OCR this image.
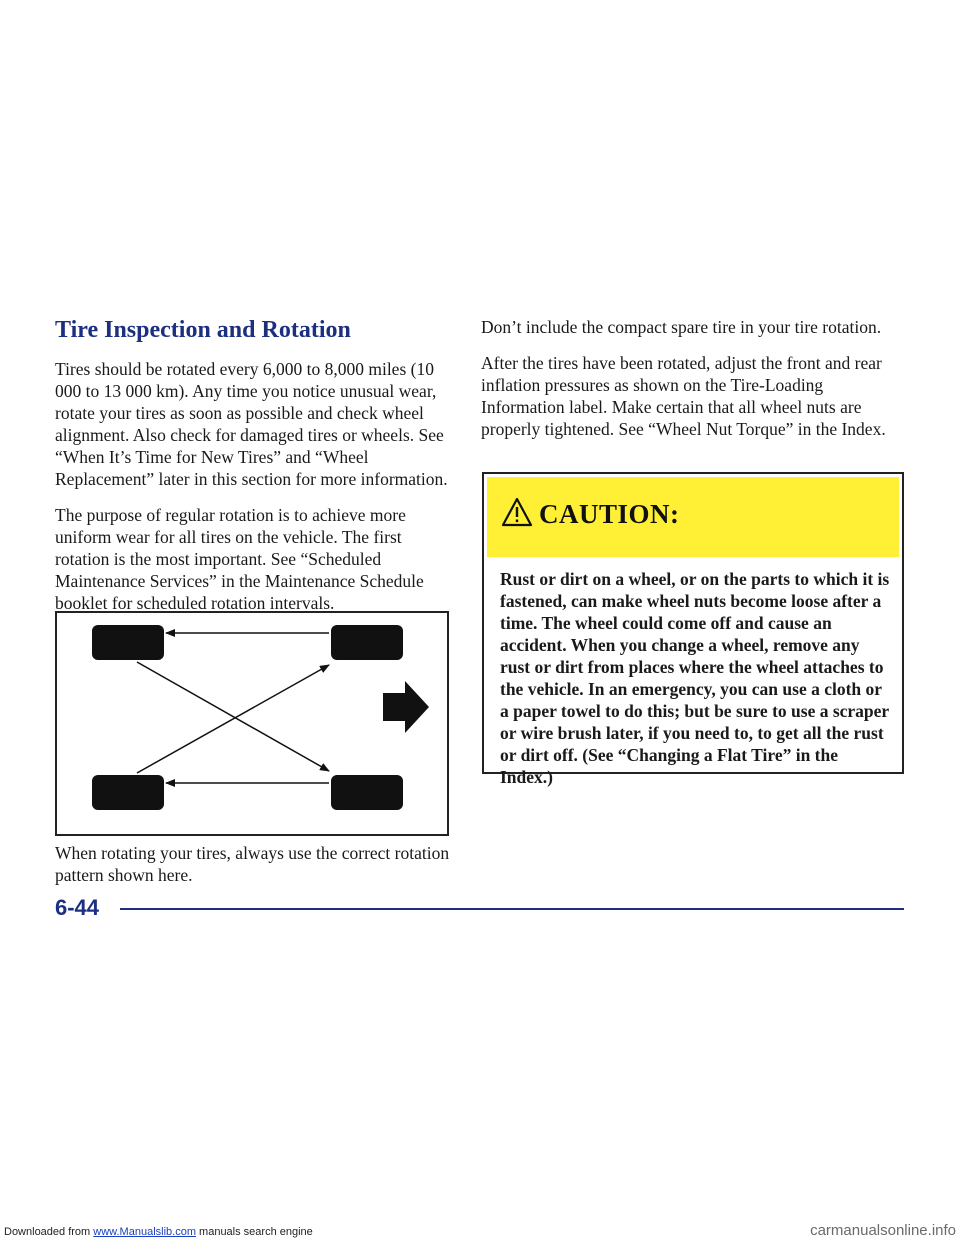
Tire Inspection and Rotation

Tires should be rotated every 6,000 to 8,000 miles (10 000 to 13 000 km). Any time you notice unusual wear, rotate your tires as soon as possible and check wheel alignment. Also check for damaged tires or wheels. See “When It’s Time for New Tires” and “Wheel Replacement” later in this section for more information.

The purpose of regular rotation is to achieve more uniform wear for all tires on the vehicle. The first rotation is the most important. See “Scheduled Maintenance Services” in the Maintenance Schedule booklet for scheduled rotation intervals.

When rotating your tires, always use the correct rotation pattern shown here.

Don’t include the compact spare tire in your tire rotation.

After the tires have been rotated, adjust the front and rear inflation pressures as shown on the Tire-Loading Information label. Make certain that all wheel nuts are properly tightened. See “Wheel Nut Torque” in the Index.

CAUTION:
Rust or dirt on a wheel, or on the parts to which it is fastened, can make wheel nuts become loose after a time. The wheel could come off and cause an accident. When you change a wheel, remove any rust or dirt from places where the wheel attaches to the vehicle. In an emergency, you can use a cloth or a paper towel to do this; but be sure to use a scraper or wire brush later, if you need to, to get all the rust or dirt off. (See “Changing a Flat Tire” in the Index.)
6-44
Downloaded from www.Manualslib.com manuals search engine	carmanualsonline.info
